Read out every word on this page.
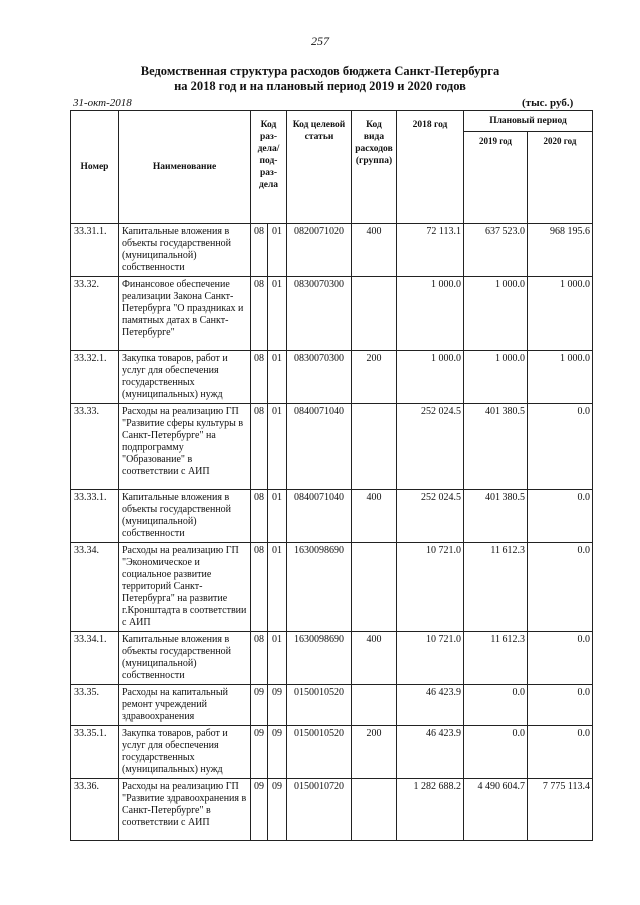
257
Ведомственная структура расходов бюджета Санкт-Петербурга
на 2018 год и на плановый период 2019 и 2020 годов
31-окт-2018	(тыс. руб.)
Номер	Наименование	Код раз-дела/ под-раз-дела		Код целевой статьи	Код вида расходов (группа)	2018 год	Плановый период	
							2019 год	2020 год
33.31.1.	Капитальные вложения в объекты государственной (муниципальной) собственности	08	01	0820071020	400	72 113.1	637 523.0	968 195.6
33.32.	Финансовое обеспечение реализации Закона Санкт-Петербурга "О праздниках и памятных датах в Санкт-Петербурге"	08	01	0830070300		1 000.0	1 000.0	1 000.0
33.32.1.	Закупка товаров, работ и услуг для обеспечения государственных (муниципальных) нужд	08	01	0830070300	200	1 000.0	1 000.0	1 000.0
33.33.	Расходы на реализацию ГП "Развитие сферы культуры в Санкт-Петербурге" на подпрограмму "Образование" в соответствии с АИП	08	01	0840071040		252 024.5	401 380.5	0.0
33.33.1.	Капитальные вложения в объекты государственной (муниципальной) собственности	08	01	0840071040	400	252 024.5	401 380.5	0.0
33.34.	Расходы на реализацию ГП "Экономическое и социальное развитие территорий Санкт-Петербурга" на развитие г.Кронштадта в соответствии с АИП	08	01	1630098690		10 721.0	11 612.3	0.0
33.34.1.	Капитальные вложения в объекты государственной (муниципальной) собственности	08	01	1630098690	400	10 721.0	11 612.3	0.0
33.35.	Расходы на капитальный ремонт учреждений здравоохранения	09	09	0150010520		46 423.9	0.0	0.0
33.35.1.	Закупка товаров, работ и услуг для обеспечения государственных (муниципальных) нужд	09	09	0150010520	200	46 423.9	0.0	0.0
33.36.	Расходы на реализацию ГП "Развитие здравоохранения в Санкт-Петербурге" в соответствии с АИП	09	09	0150010720		1 282 688.2	4 490 604.7	7 775 113.4
